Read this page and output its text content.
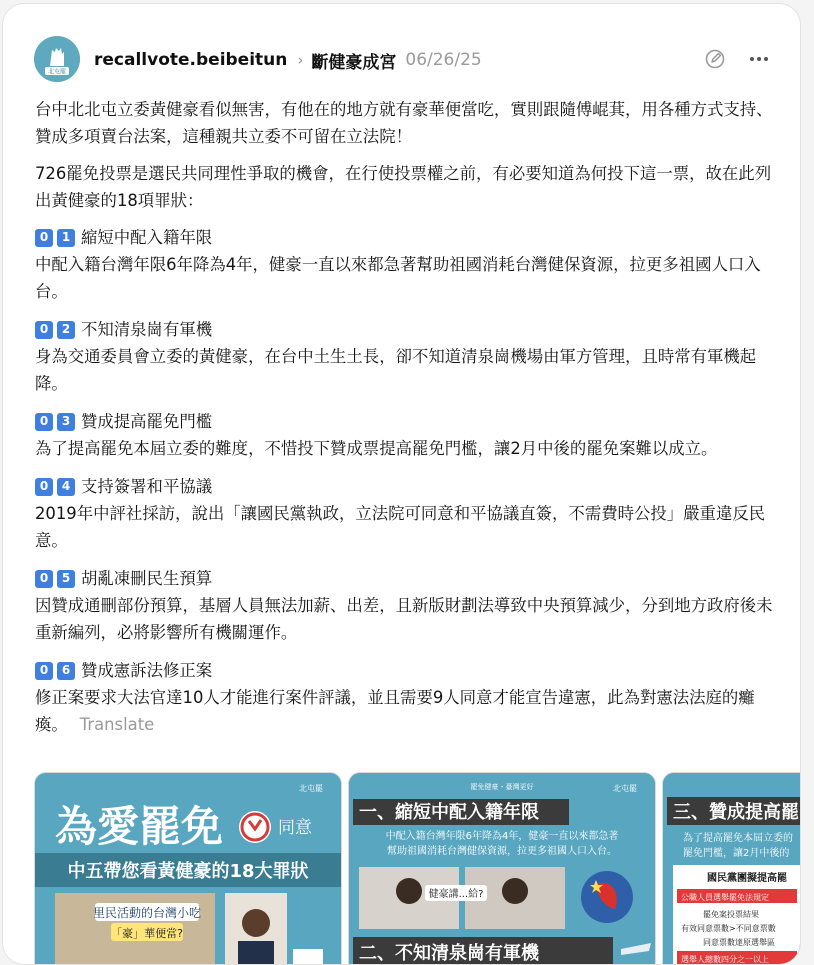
北屯罷
recallvote.beibeitun › 斷健豪成宮 06/26/25

台中北北屯立委黃健豪看似無害，有他在的地方就有豪華便當吃，實則跟隨傅崐萁，用各種方式支持、贊成多項賣台法案，這種親共立委不可留在立法院！

726罷免投票是選民共同理性爭取的機會，在行使投票權之前，有必要知道為何投下這一票，故在此列出黃健豪的18項罪狀：

0	1 縮短中配入籍年限
中配入籍台灣年限6年降為4年，健豪一直以來都急著幫助祖國消耗台灣健保資源，拉更多祖國人口入台。
0	2 不知清泉崗有軍機
身為交通委員會立委的黃健豪，在台中土生土長，卻不知道清泉崗機場由軍方管理，且時常有軍機起降。
0	3 贊成提高罷免門檻
為了提高罷免本屆立委的難度，不惜投下贊成票提高罷免門檻，讓2月中後的罷免案難以成立。
0	4 支持簽署和平協議
2019年中評社採訪，說出「讓國民黨執政，立法院可同意和平協議直簽，不需費時公投」嚴重違反民意。
0	5 胡亂凍刪民生預算
因贊成通刪部份預算，基層人員無法加薪、出差，且新版財劃法導致中央預算減少，分到地方政府後未重新編列，必將影響所有機關運作。
0	6 贊成憲訴法修正案
修正案要求大法官達10人才能進行案件評議，並且需要9人同意才能宣告違憲，此為對憲法法庭的癱瘓。 Translate
北屯罷
為愛罷免	同意
中五帶您看黃健豪的18大罪狀
里民活動的台灣小吃
「豪」華便當?
罷免健豪・臺灣更好	北屯罷
一、縮短中配入籍年限
中配入籍台灣年限6年降為4年，健豪一直以來都急著
幫助祖國消耗台灣健保資源，拉更多祖國人口入台。
健豪講...給?
二、不知清泉崗有軍機
三、贊成提高罷
為了提高罷免本屆立委的
罷免門檻，讓2月中後的
國民黨團擬提高罷
公職人員選舉罷免法規定
罷免案投票結果
有效同意票數>不同意票數
同意票數達原選舉區
選舉人總數四分之一以上
